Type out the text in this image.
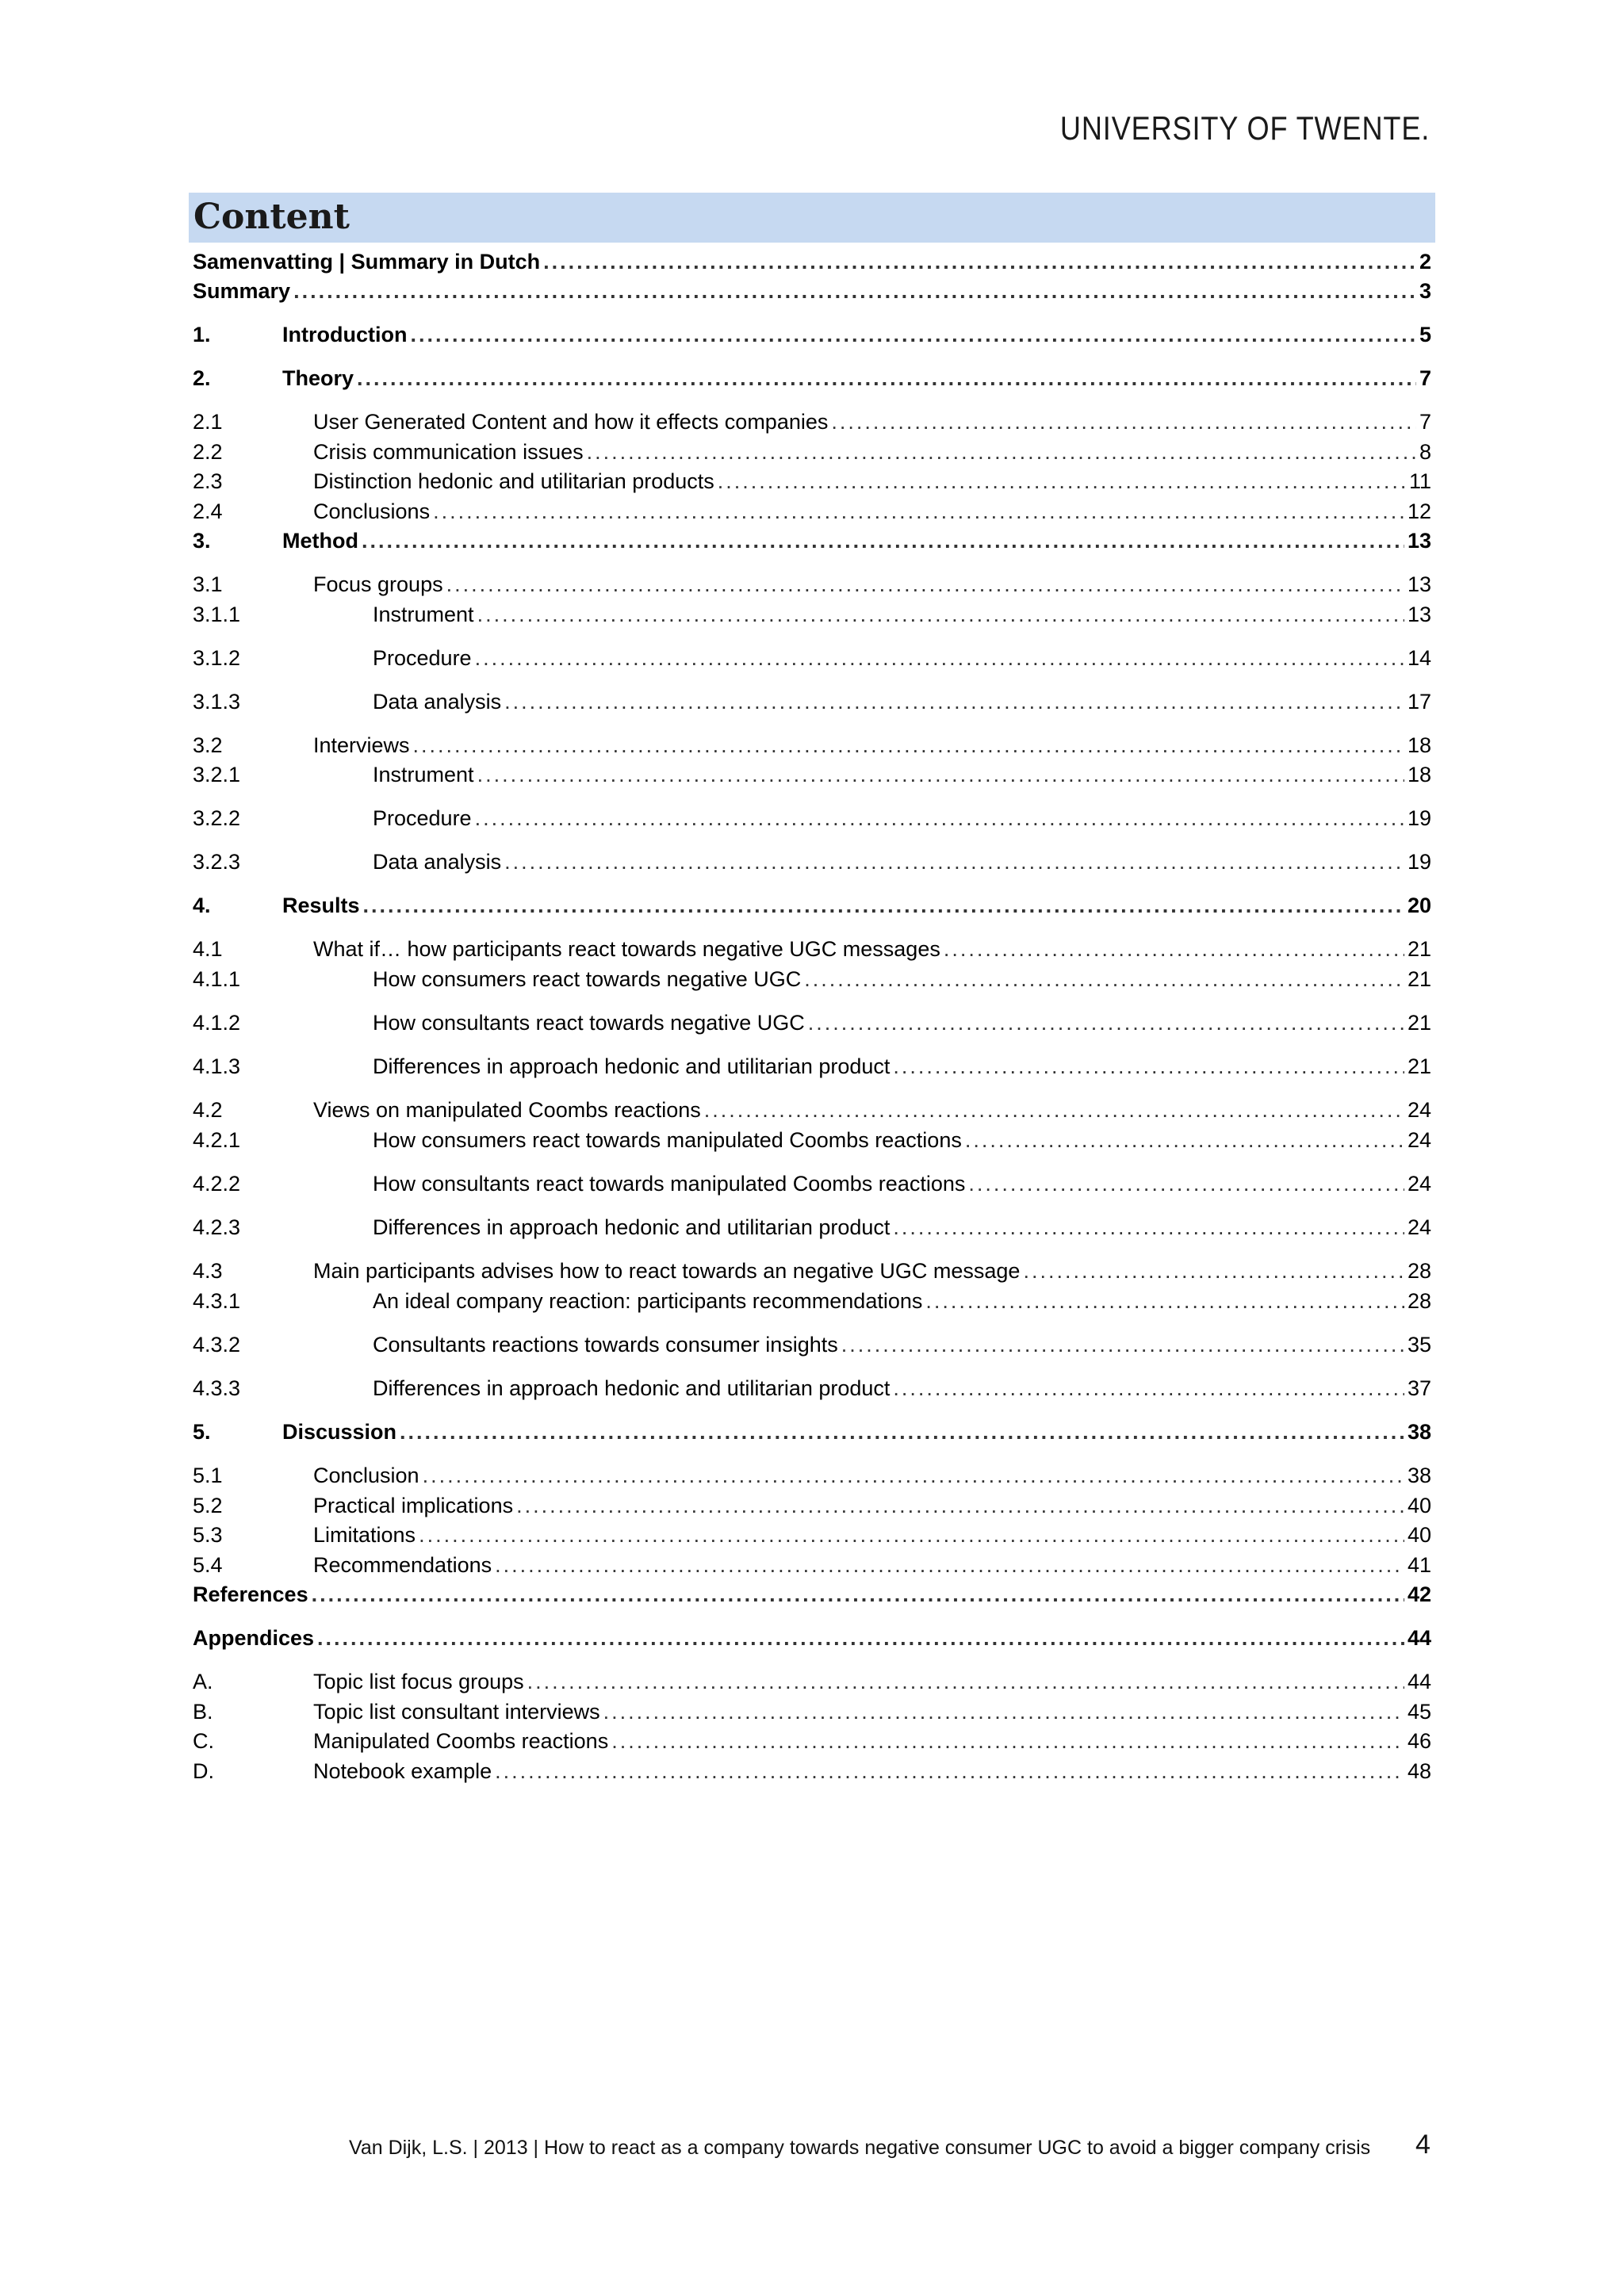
UNIVERSITY OF TWENTE.
Content
Samenvatting | Summary in Dutch .....	2
Summary .....	3
1.	Introduction .....	5
2.	Theory .....	7
2.1	User Generated Content and how it effects companies .....	7
2.2	Crisis communication issues .....	8
2.3	Distinction hedonic and utilitarian products .....	11
2.4	Conclusions .....	12
3.	Method .....	13
3.1	Focus groups .....	13
3.1.1	Instrument .....	13
3.1.2	Procedure .....	14
3.1.3	Data analysis .....	17
3.2	Interviews .....	18
3.2.1	Instrument .....	18
3.2.2	Procedure .....	19
3.2.3	Data analysis .....	19
4.	Results .....	20
4.1	What if… how participants react towards negative UGC messages .....	21
4.1.1	How consumers react towards negative UGC .....	21
4.1.2	How consultants react towards negative UGC .....	21
4.1.3	Differences in approach hedonic and utilitarian product .....	21
4.2	Views on manipulated Coombs reactions .....	24
4.2.1	How consumers react towards manipulated Coombs reactions .....	24
4.2.2	How consultants react towards manipulated Coombs reactions .....	24
4.2.3	Differences in approach hedonic and utilitarian product .....	24
4.3	Main participants advises how to react towards an negative UGC message .....	28
4.3.1	An ideal company reaction: participants recommendations .....	28
4.3.2	Consultants reactions towards consumer insights .....	35
4.3.3	Differences in approach hedonic and utilitarian product .....	37
5.	Discussion .....	38
5.1	Conclusion .....	38
5.2	Practical implications .....	40
5.3	Limitations .....	40
5.4	Recommendations .....	41
References .....	42
Appendices .....	44
A.	Topic list focus groups .....	44
B.	Topic list consultant interviews .....	45
C.	Manipulated Coombs reactions .....	46
D.	Notebook example .....	48
Van Dijk, L.S. | 2013 | How to react as a company towards negative consumer UGC to avoid a bigger company crisis 4
